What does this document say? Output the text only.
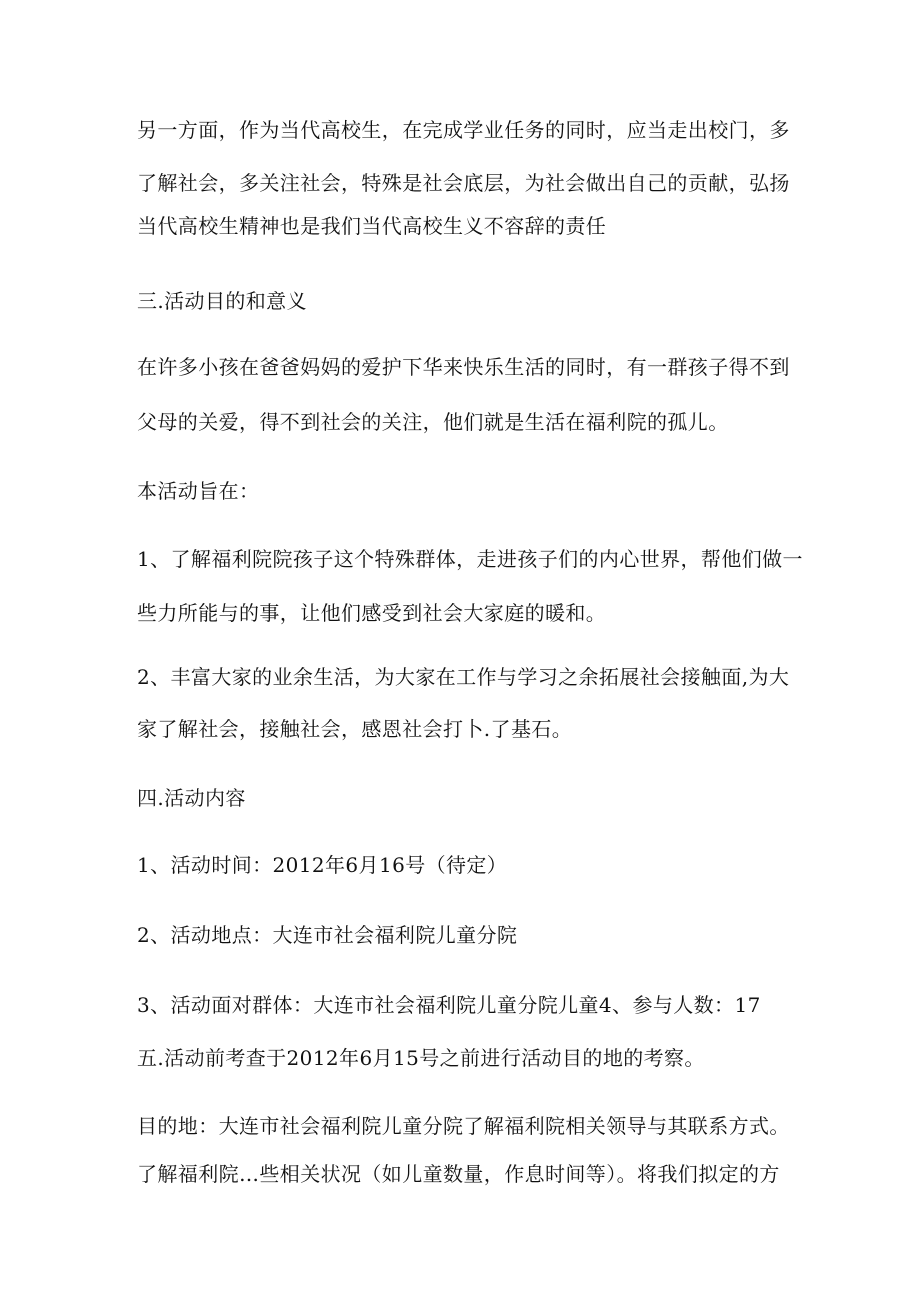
另一方面，作为当代高校生，在完成学业任务的同时，应当走出校门，多
了解社会，多关注社会，特殊是社会底层，为社会做出自己的贡献，弘扬
当代高校生精神也是我们当代高校生义不容辞的责任
三.活动目的和意义
在许多小孩在爸爸妈妈的爱护下华来快乐生活的同时，有一群孩子得不到
父母的关爱，得不到社会的关注，他们就是生活在福利院的孤儿。
本活动旨在：
1、了解福利院院孩子这个特殊群体，走进孩子们的内心世界，帮他们做一
些力所能与的事，让他们感受到社会大家庭的暖和。
2、丰富大家的业余生活，为大家在工作与学习之余拓展社会接触面,为大
家了解社会，接触社会，感恩社会打卜.了基石。
四.活动内容
1、活动时间：2012年6月16号（待定）
2、活动地点：大连市社会福利院儿童分院
3、活动面对群体：大连市社会福利院儿童分院儿童4、参与人数：17
五.活动前考查于2012年6月15号之前进行活动目的地的考察。
目的地：大连市社会福利院儿童分院了解福利院相关领导与其联系方式。
了解福利院…些相关状况（如儿童数量，作息时间等）。将我们拟定的方
